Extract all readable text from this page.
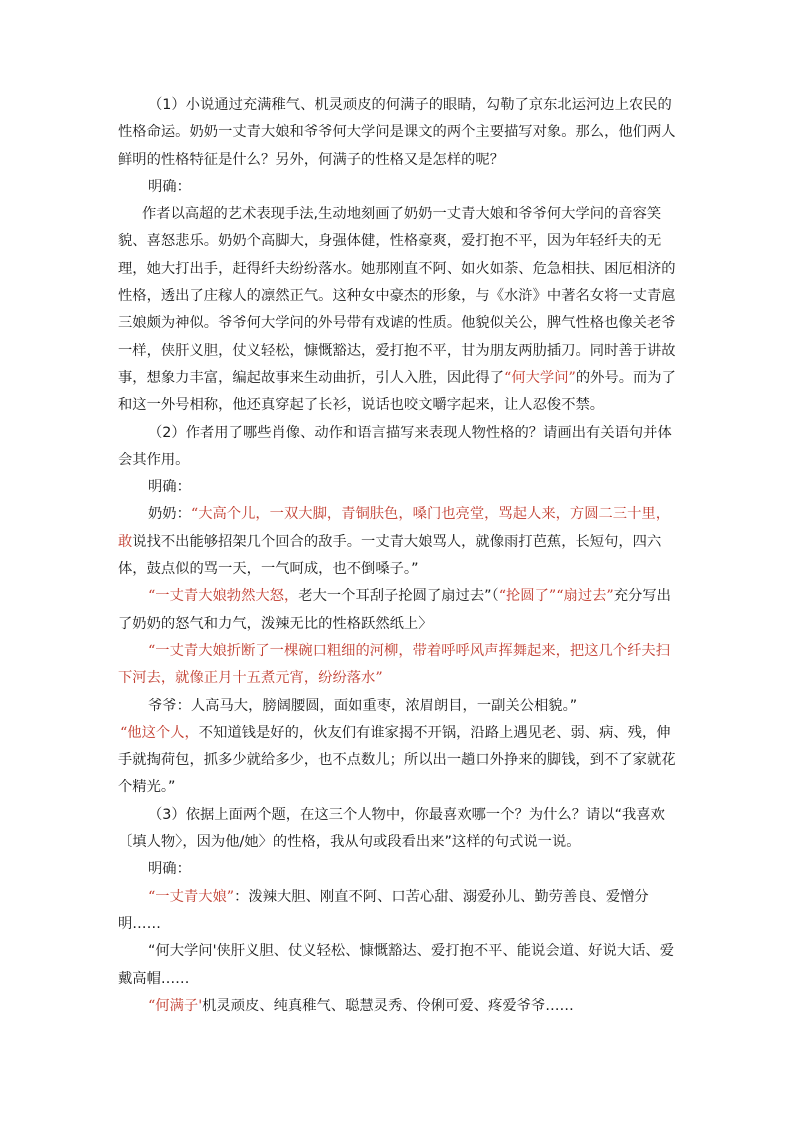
（1）小说通过充满稚气、机灵顽皮的何满子的眼睛，勾勒了京东北运河边上农民的性格命运。奶奶一丈青大娘和爷爷何大学问是课文的两个主要描写对象。那么，他们两人鲜明的性格特征是什么？另外，何满子的性格又是怎样的呢？

明确：

作者以高超的艺术表现手法,生动地刻画了奶奶一丈青大娘和爷爷何大学问的音容笑貌、喜怒悲乐。奶奶个高脚大，身强体健，性格豪爽，爱打抱不平，因为年轻纤夫的无理，她大打出手，赶得纤夫纷纷落水。她那刚直不阿、如火如荼、危急相扶、困厄相济的性格，透出了庄稼人的凛然正气。这种女中豪杰的形象，与《水浒》中著名女将一丈青扈三娘颇为神似。爷爷何大学问的外号带有戏谑的性质。他貌似关公，脾气性格也像关老爷一样，侠肝义胆，仗义轻松，慷慨豁达，爱打抱不平，甘为朋友两肋插刀。同时善于讲故事，想象力丰富，编起故事来生动曲折，引人入胜，因此得了“何大学问”的外号。而为了和这一外号相称，他还真穿起了长衫，说话也咬文嚼字起来，让人忍俊不禁。

（2）作者用了哪些肖像、动作和语言描写来表现人物性格的？请画出有关语句并体会其作用。

明确：

奶奶：“大高个儿，一双大脚，青铜肤色，嗓门也亮堂，骂起人来，方圆二三十里，敢说找不出能够招架几个回合的敌手。一丈青大娘骂人，就像雨打芭蕉，长短句，四六体，鼓点似的骂一天，一气呵成，也不倒嗓子。”

“一丈青大娘勃然大怒，老大一个耳刮子抡圆了扇过去”（“抡圆了”“扇过去”充分写出了奶奶的怒气和力气，泼辣无比的性格跃然纸上〉

“一丈青大娘折断了一棵碗口粗细的河柳，带着呼呼风声挥舞起来，把这几个纤夫扫下河去，就像正月十五煮元宵，纷纷落水”

爷爷：人高马大，膀阔腰圆，面如重枣，浓眉朗目，一副关公相貌。”

“他这个人，不知道钱是好的，伙友们有谁家揭不开锅，沿路上遇见老、弱、病、残，伸手就掏荷包，抓多少就给多少，也不点数儿；所以出一趟口外挣来的脚钱，到不了家就花个精光。”

（3）依据上面两个题，在这三个人物中，你最喜欢哪一个？为什么？请以“我喜欢〔填人物〉，因为他/她〉的性格，我从句或段看出来”这样的句式说一说。

明确：

“一丈青大娘”：泼辣大胆、刚直不阿、口苦心甜、溺爱孙儿、勤劳善良、爱憎分明……

“何大学问'侠肝义胆、仗义轻松、慷慨豁达、爱打抱不平、能说会道、好说大话、爱戴高帽……

“何满子'机灵顽皮、纯真稚气、聪慧灵秀、伶俐可爱、疼爱爷爷……
